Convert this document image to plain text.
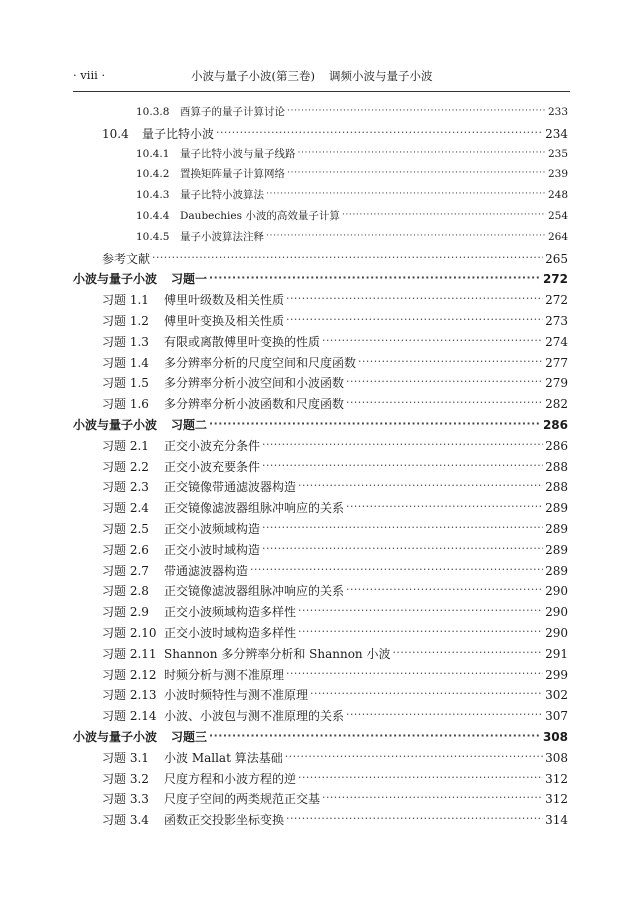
· viii ·	小波与量子小波(第三卷) 调频小波与量子小波
10.3.8	酉算子的量子计算讨论 ·····	233
10.4	量子比特小波 ·····	234
10.4.1	量子比特小波与量子线路 ·····	235
10.4.2	置换矩阵量子计算网络 ·····	239
10.4.3	量子比特小波算法 ·····	248
10.4.4	Daubechies 小波的高效量子计算 ·····	254
10.4.5	量子小波算法注释 ·····	264
参考文献 ·····	265
小波与量子小波 习题一 ·····	272
习题 1.1	傅里叶级数及相关性质 ·····	272
习题 1.2	傅里叶变换及相关性质 ·····	273
习题 1.3	有限或离散傅里叶变换的性质 ·····	274
习题 1.4	多分辨率分析的尺度空间和尺度函数 ·····	277
习题 1.5	多分辨率分析小波空间和小波函数 ·····	279
习题 1.6	多分辨率分析小波函数和尺度函数 ·····	282
小波与量子小波 习题二 ·····	286
习题 2.1	正交小波充分条件 ·····	286
习题 2.2	正交小波充要条件 ·····	288
习题 2.3	正交镜像带通滤波器构造 ·····	288
习题 2.4	正交镜像滤波器组脉冲响应的关系 ·····	289
习题 2.5	正交小波频域构造 ·····	289
习题 2.6	正交小波时域构造 ·····	289
习题 2.7	带通滤波器构造 ·····	289
习题 2.8	正交镜像滤波器组脉冲响应的关系 ·····	290
习题 2.9	正交小波频域构造多样性 ·····	290
习题 2.10 正交小波时域构造多样性 ·····	290
习题 2.11 Shannon 多分辨率分析和 Shannon 小波 ·····	291
习题 2.12 时频分析与测不准原理 ·····	299
习题 2.13 小波时频特性与测不准原理 ·····	302
习题 2.14 小波、小波包与测不准原理的关系 ·····	307
小波与量子小波 习题三 ·····	308
习题 3.1	小波 Mallat 算法基础 ·····	308
习题 3.2	尺度方程和小波方程的逆 ·····	312
习题 3.3	尺度子空间的两类规范正交基 ·····	312
习题 3.4	函数正交投影坐标变换 ·····	314
